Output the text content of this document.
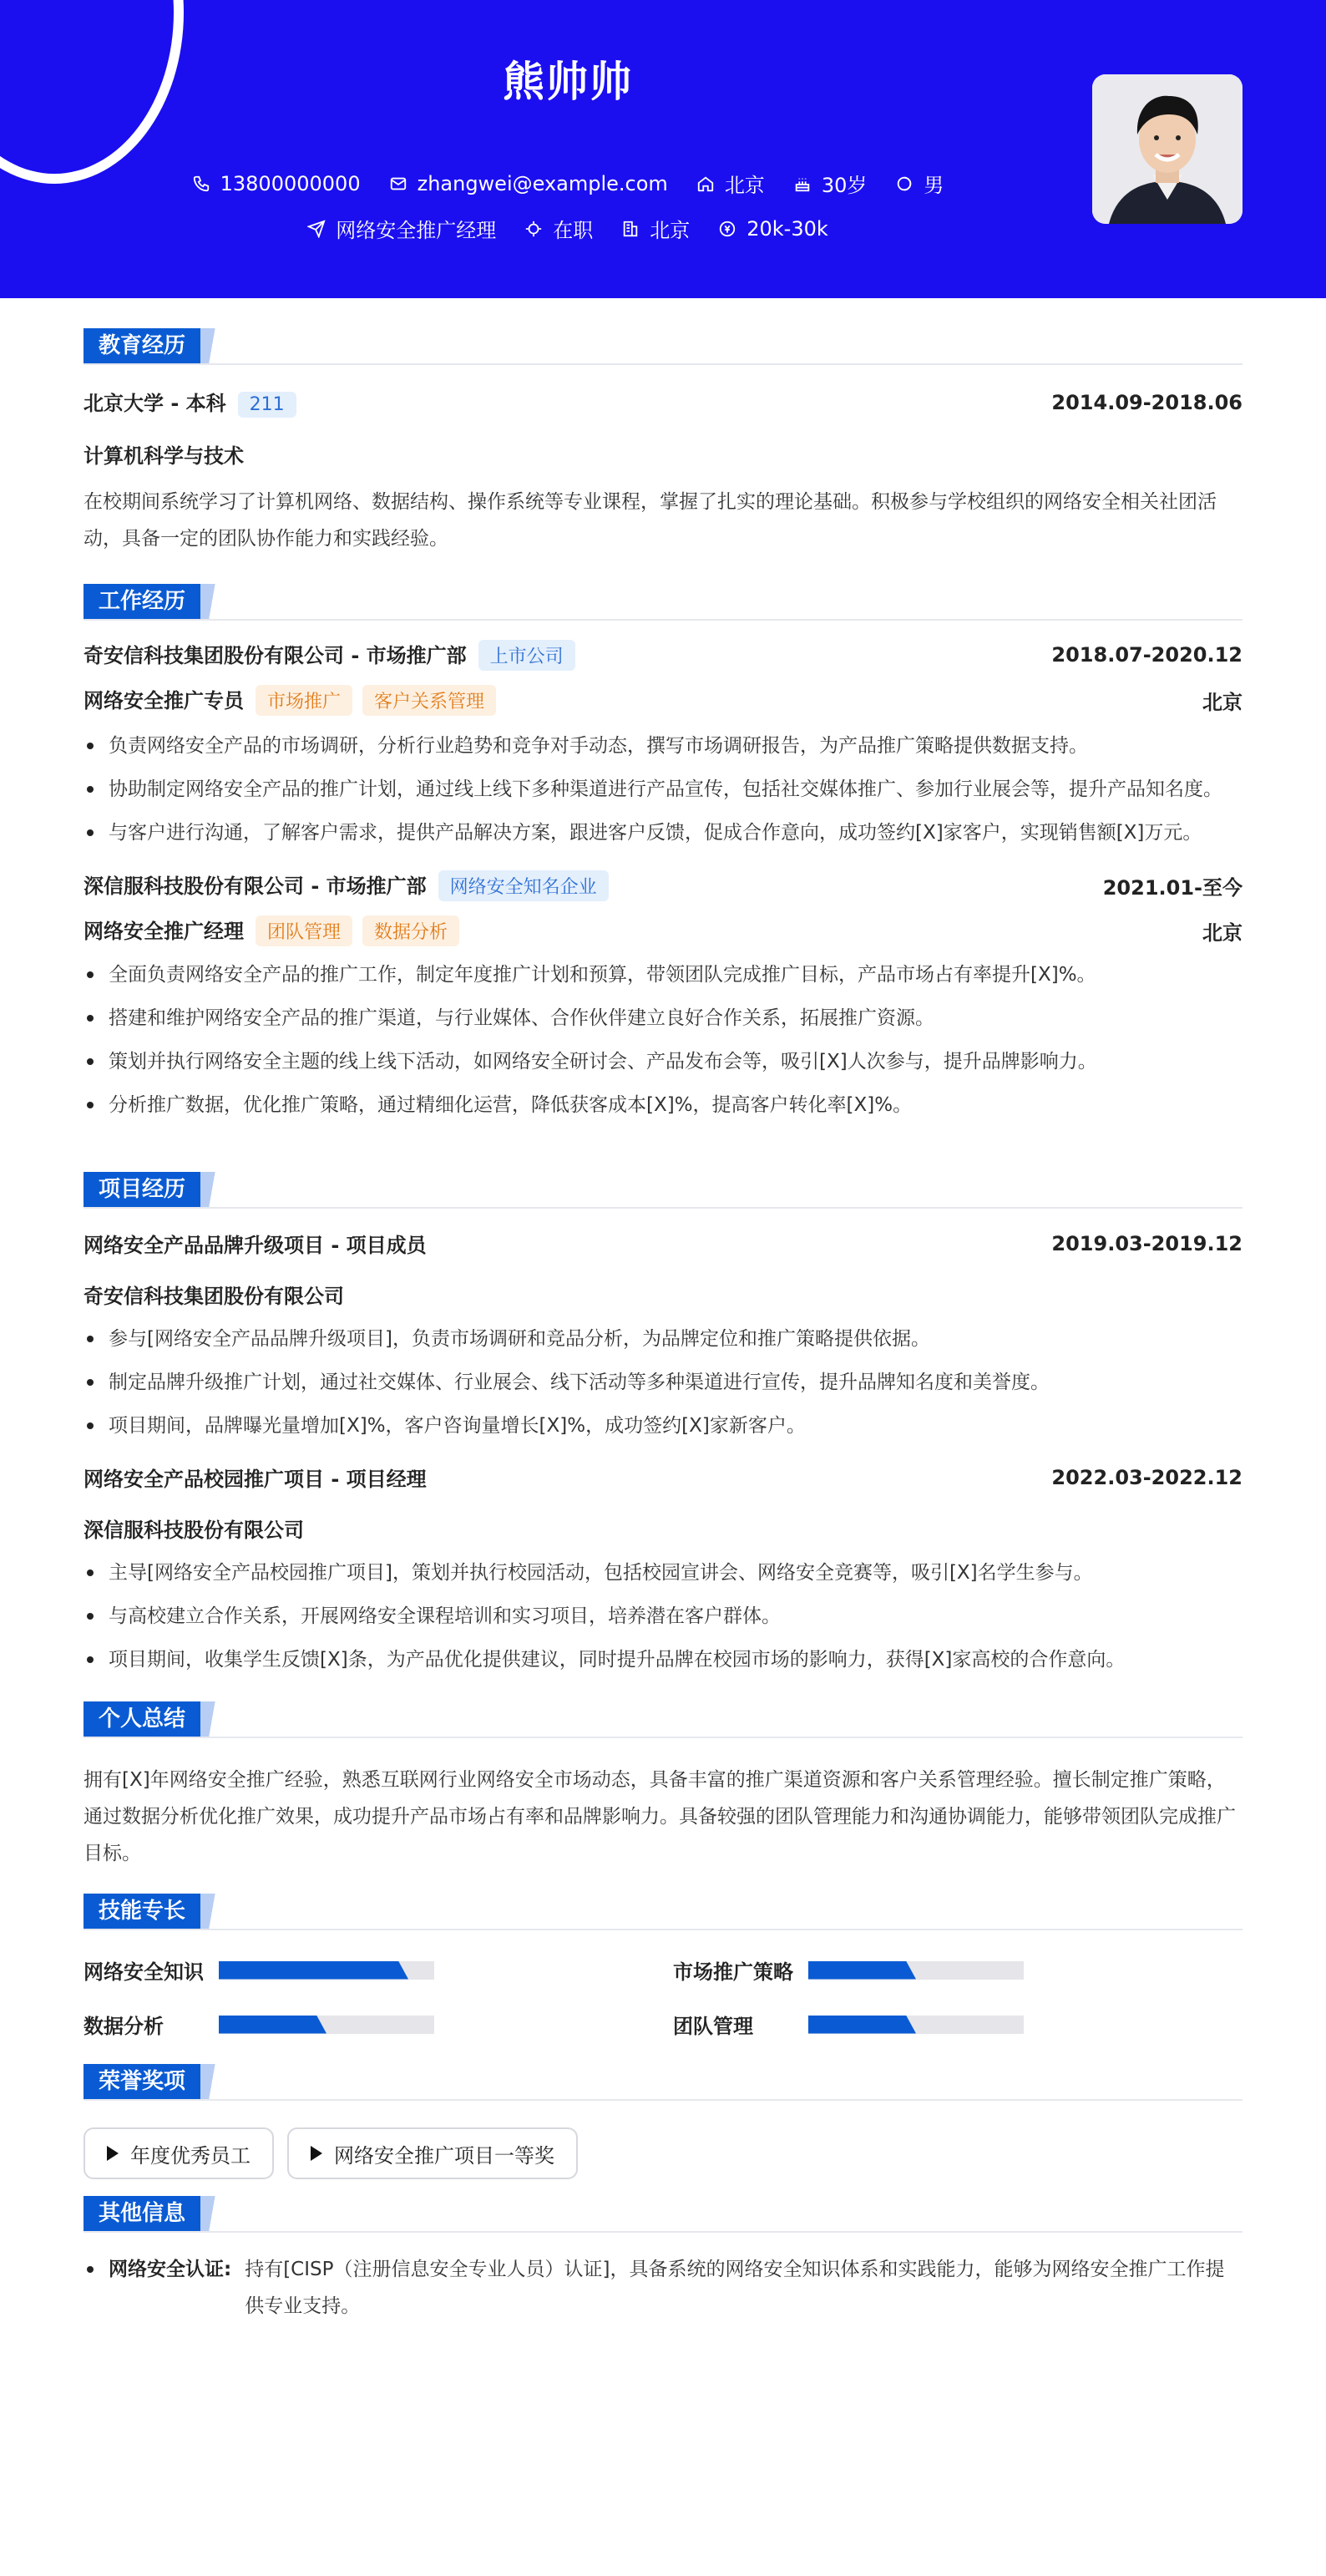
熊帅帅
13800000000	zhangwei@example.com	北京	30岁	男
网络安全推广经理	在职	北京	20k-30k
教育经历
北京大学 - 本科 211	2014.09-2018.06
计算机科学与技术
在校期间系统学习了计算机网络、数据结构、操作系统等专业课程，掌握了扎实的理论基础。积极参与学校组织的网络安全相关社团活动，具备一定的团队协作能力和实践经验。
工作经历
奇安信科技集团股份有限公司 - 市场推广部 上市公司	2018.07-2020.12
网络安全推广专员 市场推广 客户关系管理	北京
负责网络安全产品的市场调研，分析行业趋势和竞争对手动态，撰写市场调研报告，为产品推广策略提供数据支持。
协助制定网络安全产品的推广计划，通过线上线下多种渠道进行产品宣传，包括社交媒体推广、参加行业展会等，提升产品知名度。
与客户进行沟通，了解客户需求，提供产品解决方案，跟进客户反馈，促成合作意向，成功签约[X]家客户，实现销售额[X]万元。
深信服科技股份有限公司 - 市场推广部 网络安全知名企业	2021.01-至今
网络安全推广经理 团队管理 数据分析	北京
全面负责网络安全产品的推广工作，制定年度推广计划和预算，带领团队完成推广目标，产品市场占有率提升[X]%。
搭建和维护网络安全产品的推广渠道，与行业媒体、合作伙伴建立良好合作关系，拓展推广资源。
策划并执行网络安全主题的线上线下活动，如网络安全研讨会、产品发布会等，吸引[X]人次参与，提升品牌影响力。
分析推广数据，优化推广策略，通过精细化运营，降低获客成本[X]%，提高客户转化率[X]%。
项目经历
网络安全产品品牌升级项目 - 项目成员	2019.03-2019.12
奇安信科技集团股份有限公司
参与[网络安全产品品牌升级项目]，负责市场调研和竞品分析，为品牌定位和推广策略提供依据。
制定品牌升级推广计划，通过社交媒体、行业展会、线下活动等多种渠道进行宣传，提升品牌知名度和美誉度。
项目期间，品牌曝光量增加[X]%，客户咨询量增长[X]%，成功签约[X]家新客户。
网络安全产品校园推广项目 - 项目经理	2022.03-2022.12
深信服科技股份有限公司
主导[网络安全产品校园推广项目]，策划并执行校园活动，包括校园宣讲会、网络安全竞赛等，吸引[X]名学生参与。
与高校建立合作关系，开展网络安全课程培训和实习项目，培养潜在客户群体。
项目期间，收集学生反馈[X]条，为产品优化提供建议，同时提升品牌在校园市场的影响力，获得[X]家高校的合作意向。
个人总结
拥有[X]年网络安全推广经验，熟悉互联网行业网络安全市场动态，具备丰富的推广渠道资源和客户关系管理经验。擅长制定推广策略，通过数据分析优化推广效果，成功提升产品市场占有率和品牌影响力。具备较强的团队管理能力和沟通协调能力，能够带领团队完成推广目标。
技能专长
网络安全知识	市场推广策略
数据分析	团队管理
荣誉奖项
年度优秀员工	网络安全推广项目一等奖
其他信息
网络安全认证: 持有[CISP（注册信息安全专业人员）认证]，具备系统的网络安全知识体系和实践能力，能够为网络安全推广工作提供专业支持。
